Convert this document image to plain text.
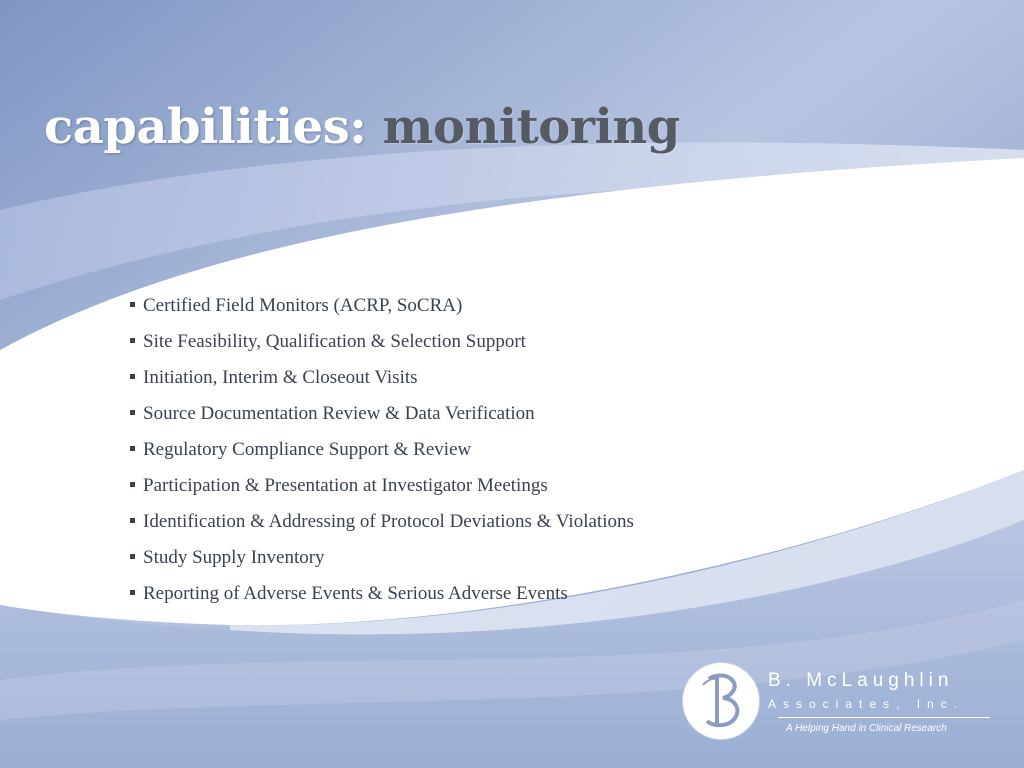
capabilities: monitoring
Certified Field Monitors (ACRP, SoCRA)
Site Feasibility, Qualification & Selection Support
Initiation, Interim & Closeout Visits
Source Documentation Review & Data Verification
Regulatory Compliance Support & Review
Participation & Presentation at Investigator Meetings
Identification & Addressing of Protocol Deviations & Violations
Study Supply Inventory
Reporting of Adverse Events & Serious Adverse Events
B. McLaughlin
Associates, Inc.
A Helping Hand in Clinical Research
